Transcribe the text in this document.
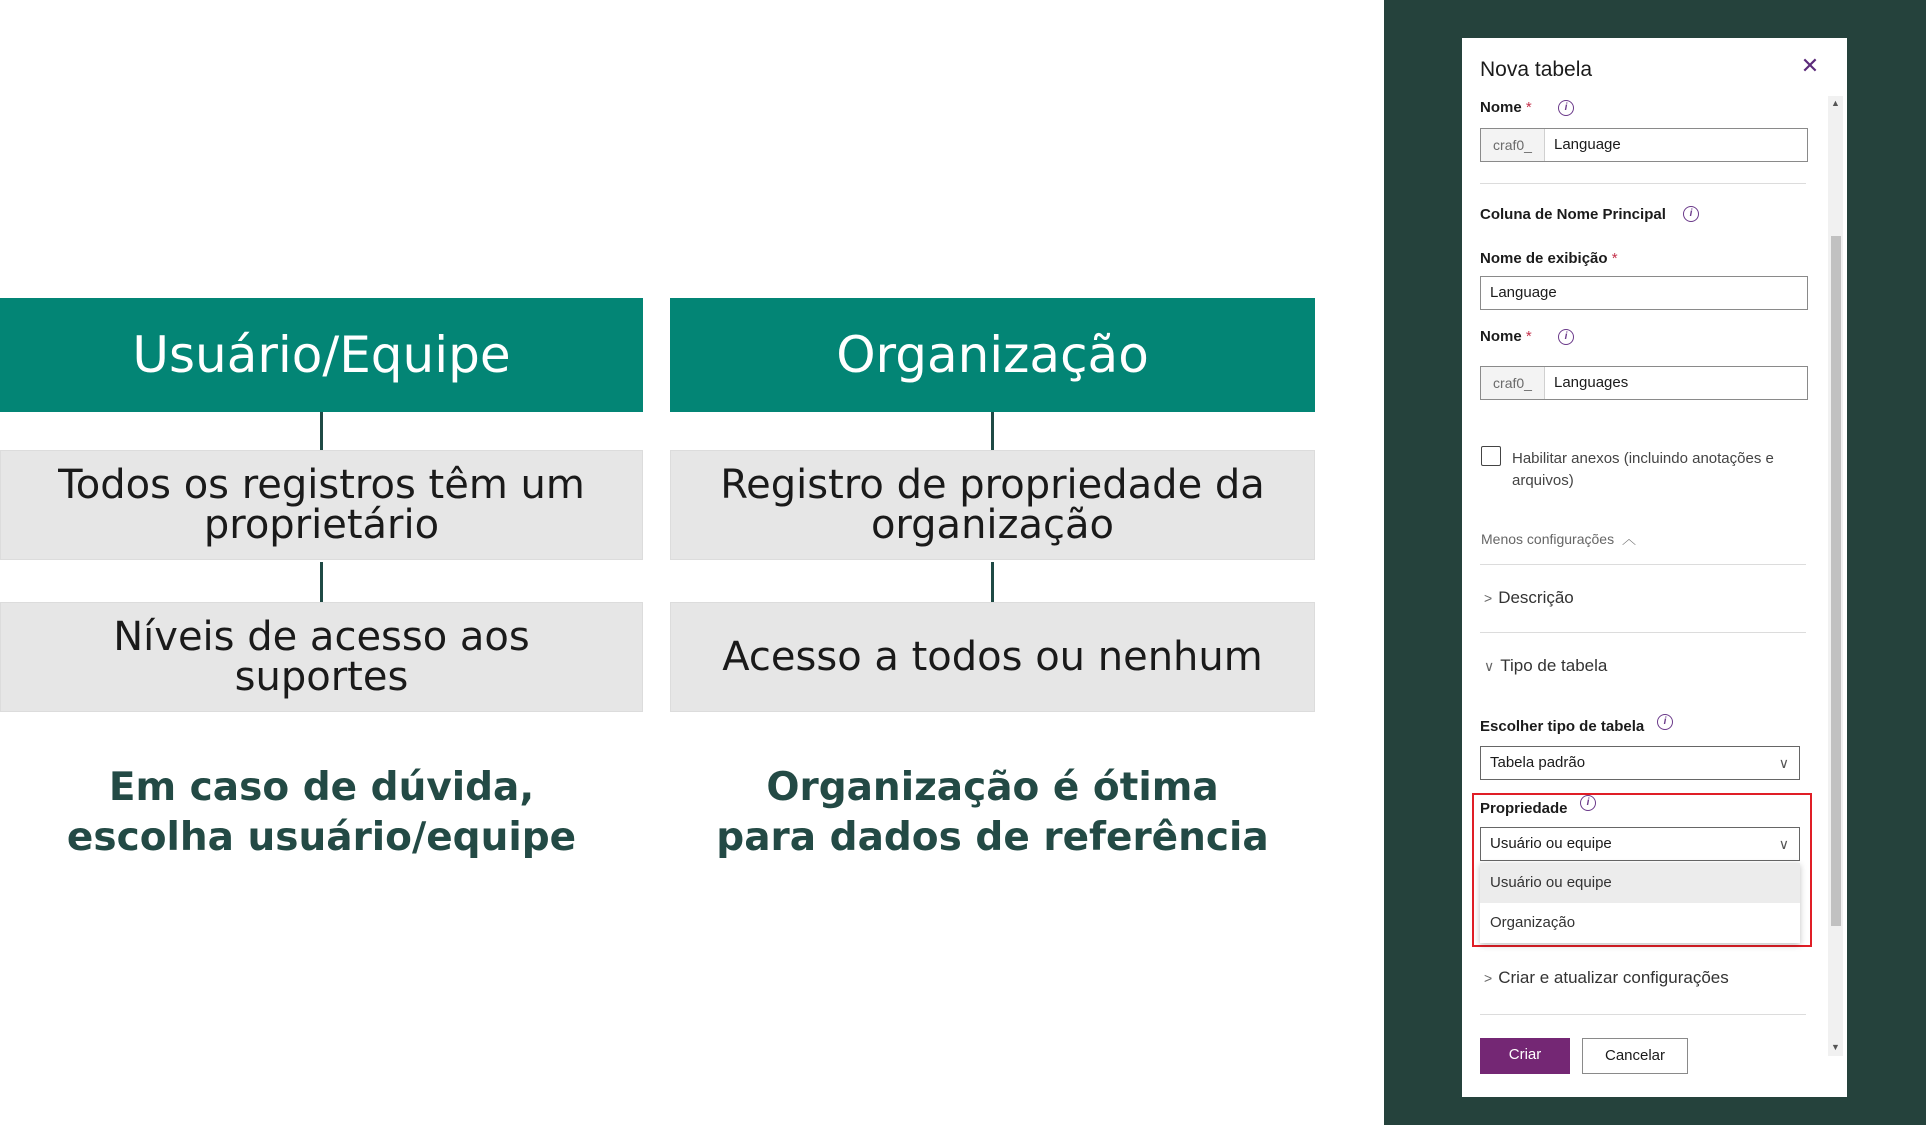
Usuário/Equipe
Todos os registros têm um
proprietário
Níveis de acesso aos suportes
Em caso de dúvida,
escolha usuário/equipe
Organização
Registro de propriedade da
organização
Acesso a todos ou nenhum
Organização é ótima
para dados de referência
Nova tabela	✕
Nome *	i
craf0_	Language
Coluna de Nome Principal	i
Nome de exibição *
Language
Nome *	i
craf0_	Languages
Habilitar anexos (incluindo anotações e
arquivos)
Menos configurações ︿
> Descrição
∨ Tipo de tabela
Escolher tipo de tabela	i
Tabela padrão	∨
Propriedade	i
Usuário ou equipe	∨
Usuário ou equipe
Organização
> Criar e atualizar configurações
▲
▼
Criar	Cancelar
